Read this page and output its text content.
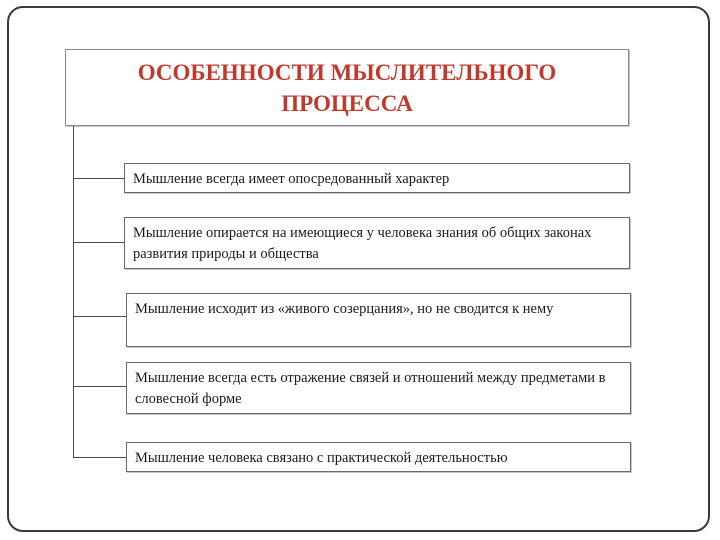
ОСОБЕННОСТИ МЫСЛИТЕЛЬНОГО ПРОЦЕССА
Мышление всегда имеет опосредованный характер
Мышление опирается на имеющиеся у человека знания об общих законах развития природы и общества
Мышление исходит из «живого созерцания», но не сводится к нему
Мышление всегда есть отражение связей и отношений между предметами в словесной форме
Мышление человека связано с практической деятельностью
